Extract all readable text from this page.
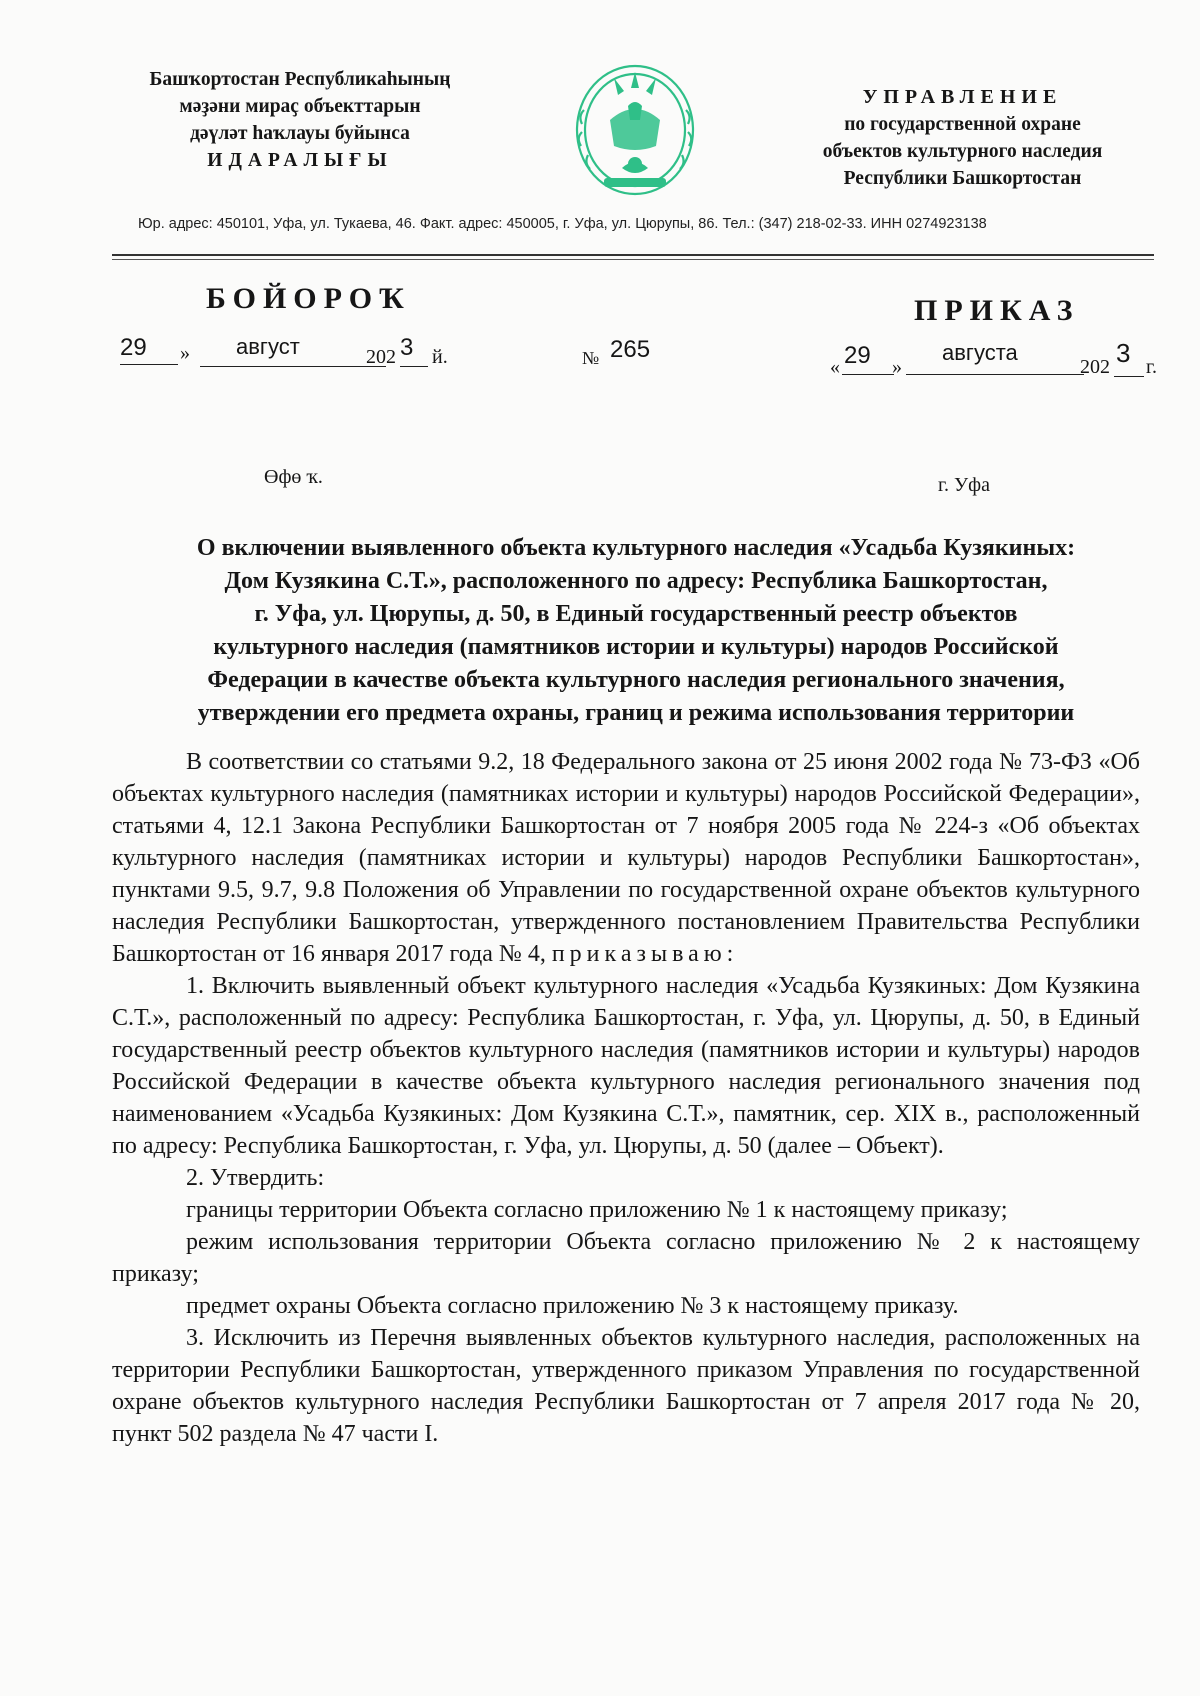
Башҡортостан Республикаһының
мәҙәни мираҫ объекттарын
дәүләт һаҡлауы буйынса
ИДАРАЛЫҒЫ
УПРАВЛЕНИЕ
по государственной охране
объектов культурного наследия
Республики Башкортостан
Юр. адрес: 450101, Уфа, ул. Тукаева, 46. Факт. адрес: 450005, г. Уфа, ул. Цюрупы, 86. Тел.: (347) 218-02-33. ИНН 0274923138
БОЙОРОҠ	ПРИКАЗ
29 » август	202 3 й.	№ 265
« 29 »
августа
202 3 г.
Өфө ҡ.	г. Уфа
О включении выявленного объекта культурного наследия «Усадьба Кузякиных:
Дом Кузякина С.Т.», расположенного по адресу: Республика Башкортостан,
г. Уфа, ул. Цюрупы, д. 50, в Единый государственный реестр объектов
культурного наследия (памятников истории и культуры) народов Российской
Федерации в качестве объекта культурного наследия регионального значения,
утверждении его предмета охраны, границ и режима использования территории

В соответствии со статьями 9.2, 18 Федерального закона от 25 июня 2002 года № 73-ФЗ «Об объектах культурного наследия (памятниках истории и культуры) народов Российской Федерации», статьями 4, 12.1 Закона Республики Башкортостан от 7 ноября 2005 года № 224-з «Об объектах культурного наследия (памятниках истории и культуры) народов Республики Башкортостан», пунктами 9.5, 9.7, 9.8 Положения об Управлении по государственной охране объектов культурного наследия Республики Башкортостан, утвержденного постановлением Правительства Республики Башкортостан от 16 января 2017 года № 4, приказываю:

1. Включить выявленный объект культурного наследия «Усадьба Кузякиных: Дом Кузякина С.Т.», расположенный по адресу: Республика Башкортостан, г. Уфа, ул. Цюрупы, д. 50, в Единый государственный реестр объектов культурного наследия (памятников истории и культуры) народов Российской Федерации в качестве объекта культурного наследия регионального значения под наименованием «Усадьба Кузякиных: Дом Кузякина С.Т.», памятник, сер. XIX в., расположенный по адресу: Республика Башкортостан, г. Уфа, ул. Цюрупы, д. 50 (далее – Объект).

2. Утвердить:

границы территории Объекта согласно приложению № 1 к настоящему приказу;

режим использования территории Объекта согласно приложению № 2 к настоящему приказу;

предмет охраны Объекта согласно приложению № 3 к настоящему приказу.

3. Исключить из Перечня выявленных объектов культурного наследия, расположенных на территории Республики Башкортостан, утвержденного приказом Управления по государственной охране объектов культурного наследия Республики Башкортостан от 7 апреля 2017 года № 20, пункт 502 раздела № 47 части I.
